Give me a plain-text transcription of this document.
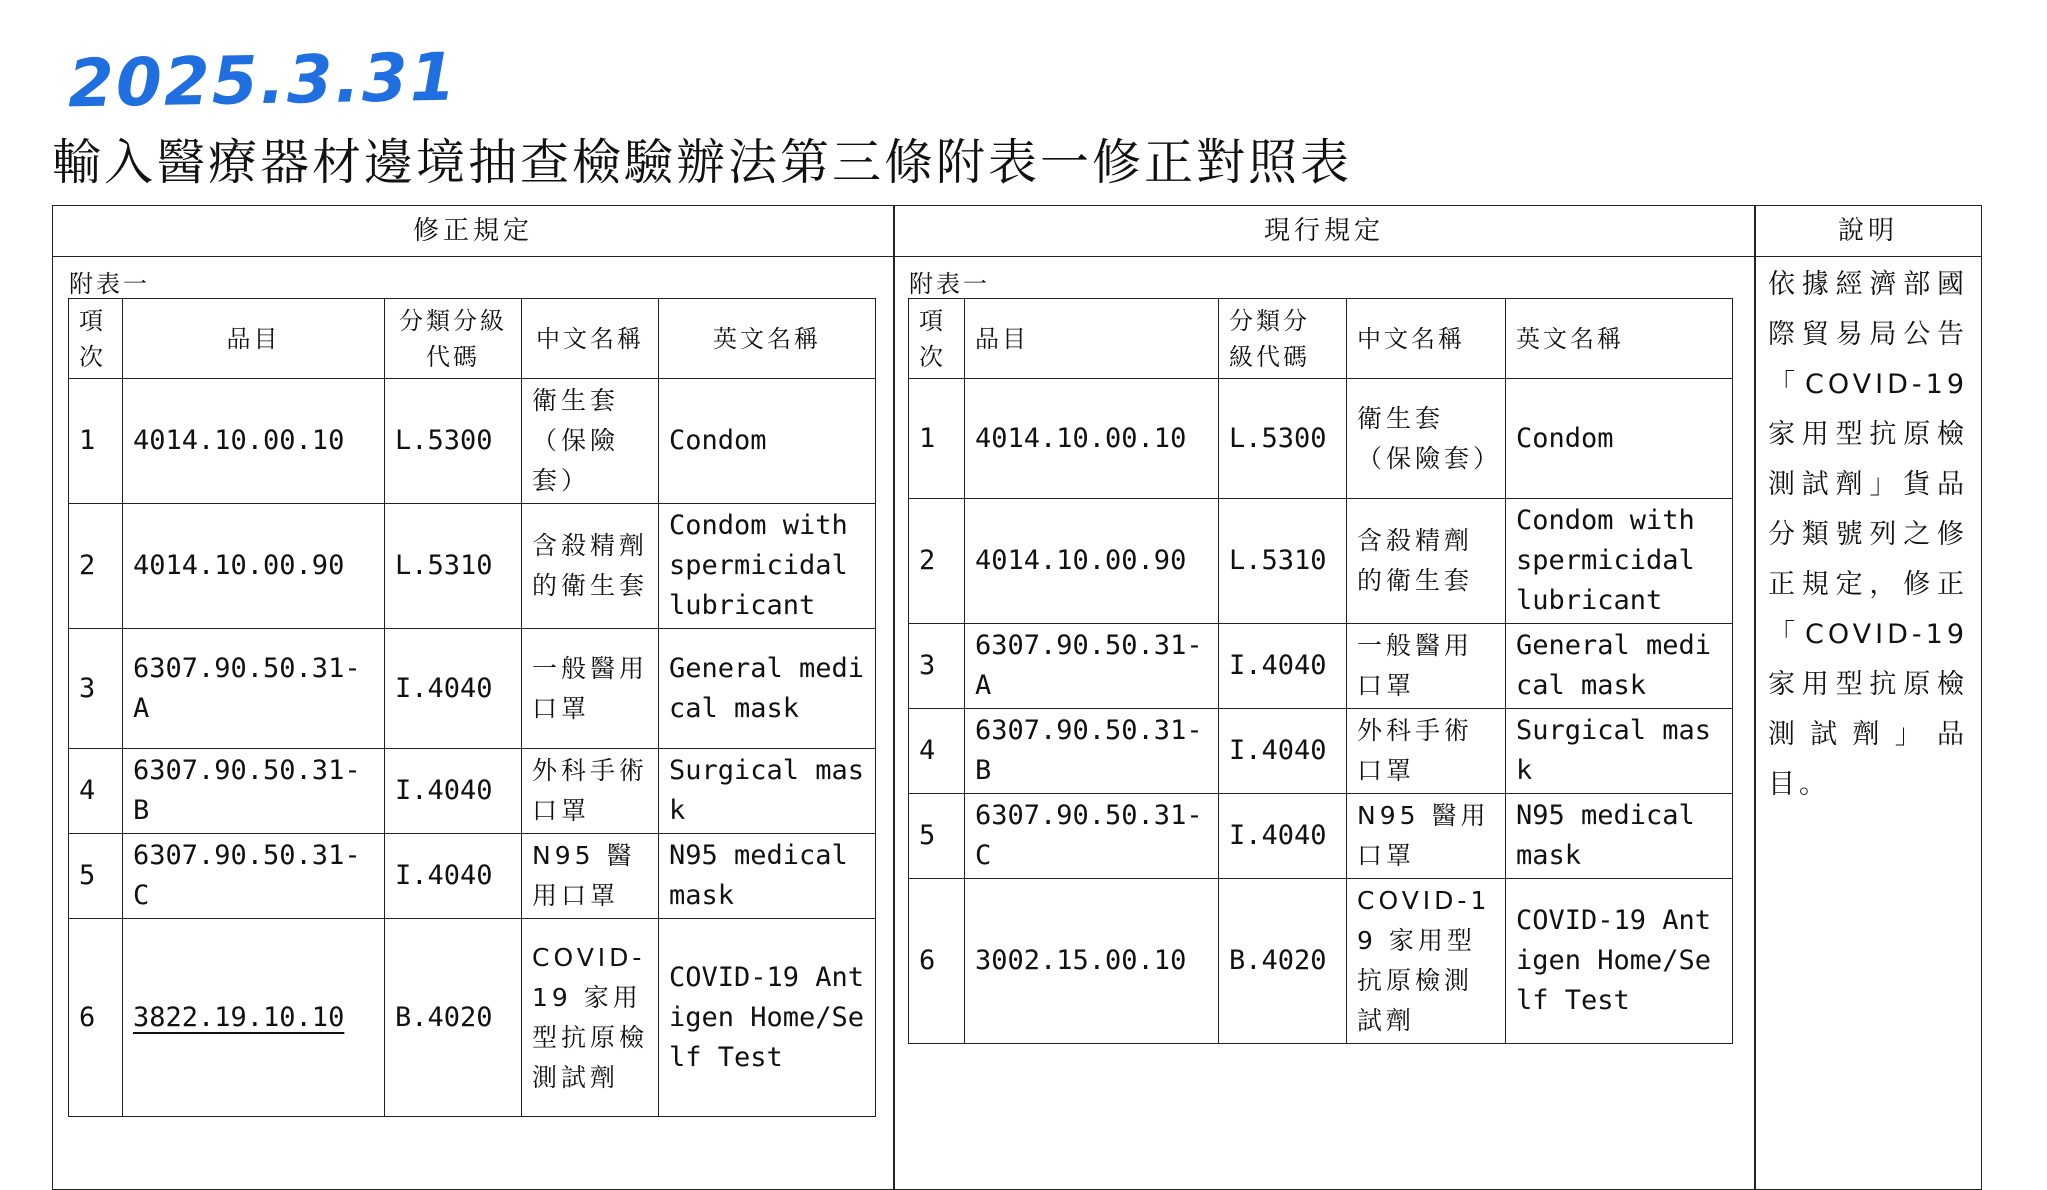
2025.3.31
輸入醫療器材邊境抽查檢驗辦法第三條附表一修正對照表
修正規定	現行規定	說明
附表一	附表一
項次	品目	分類分級代碼	中文名稱	英文名稱
1	4014.10.00.10	L.5300	衛生套（保險套）	Condom
2	4014.10.00.90	L.5310	含殺精劑的衛生套	Condom with spermicidal lubricant
3	6307.90.50.31-A	I.4040	一般醫用口罩	General medical mask
4	6307.90.50.31-B	I.4040	外科手術口罩	Surgical mask
5	6307.90.50.31-C	I.4040	N95 醫用口罩	N95 medical mask
6	3822.19.10.10	B.4020	COVID-19 家用型抗原檢測試劑	COVID-19 Antigen Home/Self Test
項次	品目	分類分級代碼	中文名稱	英文名稱
1	4014.10.00.10	L.5300	衛生套（保險套）	Condom
2	4014.10.00.90	L.5310	含殺精劑的衛生套	Condom with spermicidal lubricant
3	6307.90.50.31-A	I.4040	一般醫用口罩	General medical mask
4	6307.90.50.31-B	I.4040	外科手術口罩	Surgical mask
5	6307.90.50.31-C	I.4040	N95 醫用口罩	N95 medical mask
6	3002.15.00.10	B.4020	COVID-19 家用型抗原檢測試劑	COVID-19 Antigen Home/Self Test
依據經濟部國際貿易局公告「COVID-19 家用型抗原檢測試劑」貨品分類號列之修正規定，修正「COVID-19 家用型抗原檢測試劑」品目。
